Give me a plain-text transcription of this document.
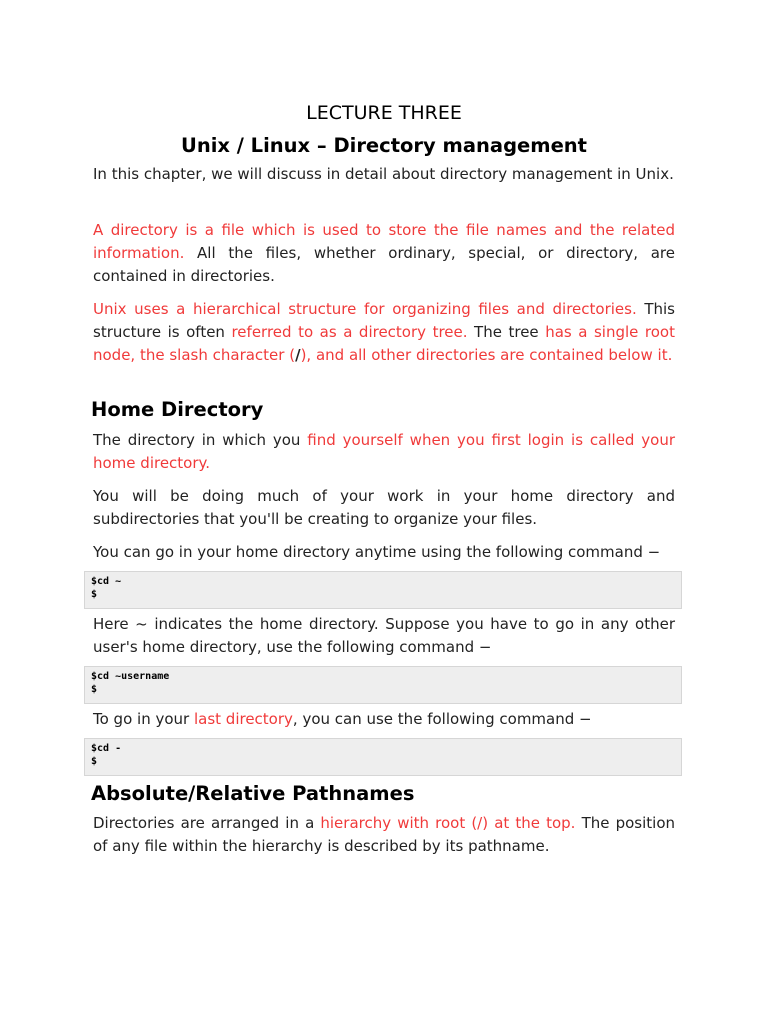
LECTURE THREE
Unix / Linux – Directory management
In this chapter, we will discuss in detail about directory management in Unix.
A directory is a file which is used to store the file names and the related information. All the files, whether ordinary, special, or directory, are contained in directories.
Unix uses a hierarchical structure for organizing files and directories. This structure is often referred to as a directory tree. The tree has a single root node, the slash character (/), and all other directories are contained below it.
Home Directory
The directory in which you find yourself when you first login is called your home directory.
You will be doing much of your work in your home directory and subdirectories that you'll be creating to organize your files.
You can go in your home directory anytime using the following command −
$cd ~
$
Here ~ indicates the home directory. Suppose you have to go in any other user's home directory, use the following command −
$cd ~username
$
To go in your last directory, you can use the following command −
$cd -
$
Absolute/Relative Pathnames
Directories are arranged in a hierarchy with root (/) at the top. The position of any file within the hierarchy is described by its pathname.
